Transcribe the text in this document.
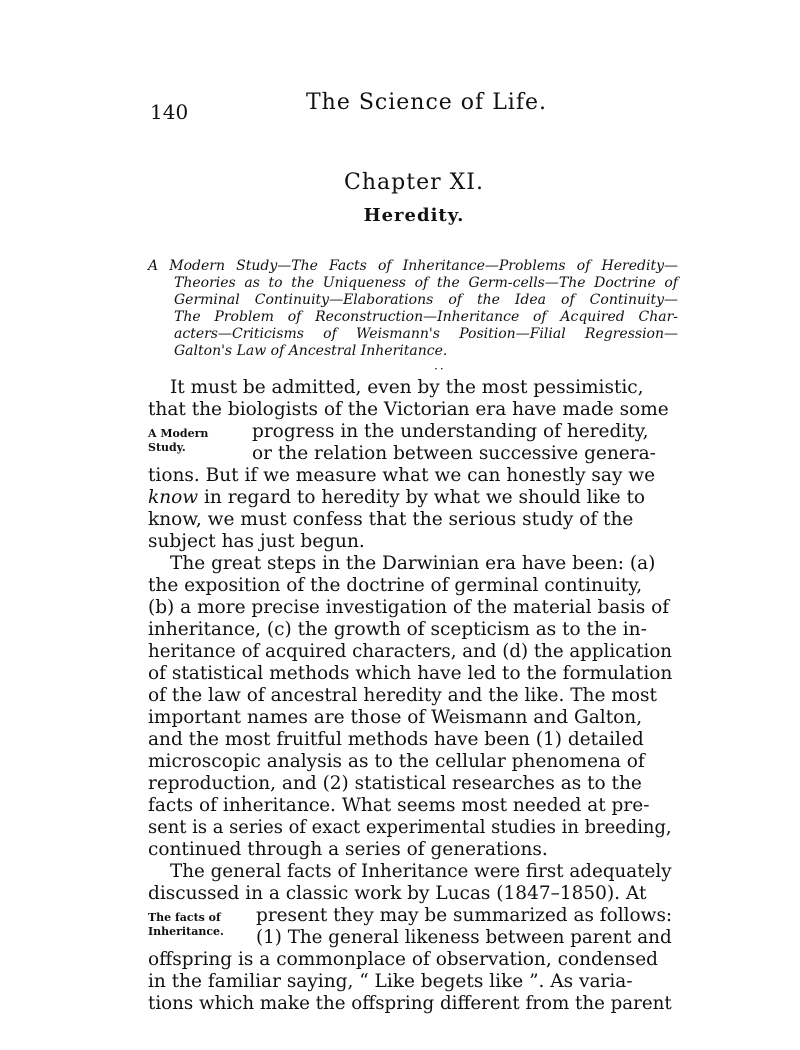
140	The Science of Life.
Chapter XI.
Heredity.
A Modern Study—The Facts of Inheritance—Problems of Heredity—
Theories as to the Uniqueness of the Germ-cells—The Doctrine of
Germinal Continuity—Elaborations of the Idea of Continuity—
The Problem of Reconstruction—Inheritance of Acquired Char-
acters—Criticisms of Weismann's Position—Filial Regression—
Galton's Law of Ancestral Inheritance.
··
It must be admitted, even by the most pessimistic,
that the biologists of the Victorian era have made some
A Modern progress in the understanding of heredity,
Study.	or the relation between successive genera-
tions. But if we measure what we can honestly say we
know in regard to heredity by what we should like to
know, we must confess that the serious study of the
subject has just begun.
The great steps in the Darwinian era have been: (a)
the exposition of the doctrine of germinal continuity,
(b) a more precise investigation of the material basis of
inheritance, (c) the growth of scepticism as to the in-
heritance of acquired characters, and (d) the application
of statistical methods which have led to the formulation
of the law of ancestral heredity and the like. The most
important names are those of Weismann and Galton,
and the most fruitful methods have been (1) detailed
microscopic analysis as to the cellular phenomena of
reproduction, and (2) statistical researches as to the
facts of inheritance. What seems most needed at pre-
sent is a series of exact experimental studies in breeding,
continued through a series of generations.
The general facts of Inheritance were first adequately
discussed in a classic work by Lucas (1847–1850). At
The facts of present they may be summarized as follows:
Inheritance. (1) The general likeness between parent and
offspring is a commonplace of observation, condensed
in the familiar saying, “ Like begets like ”. As varia-
tions which make the offspring different from the parent
